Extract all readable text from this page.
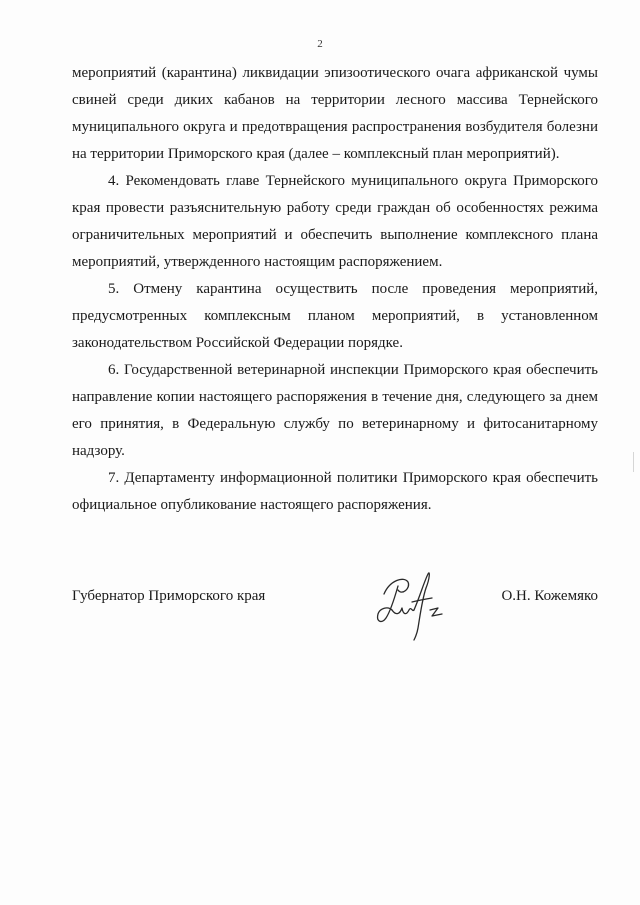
2

мероприятий (карантина) ликвидации эпизоотического очага африканской чумы свиней среди диких кабанов на территории лесного массива Тернейского муниципального округа и предотвращения распространения возбудителя болезни на территории Приморского края (далее – комплексный план мероприятий).

4. Рекомендовать главе Тернейского муниципального округа Приморского края провести разъяснительную работу среди граждан об особенностях режима ограничительных мероприятий и обеспечить выполнение комплексного плана мероприятий, утвержденного настоящим распоряжением.

5. Отмену карантина осуществить после проведения мероприятий, предусмотренных комплексным планом мероприятий, в установленном законодательством Российской Федерации порядке.

6. Государственной ветеринарной инспекции Приморского края обеспечить направление копии настоящего распоряжения в течение дня, следующего за днем его принятия, в Федеральную службу по ветеринарному и фитосанитарному надзору.

7. Департаменту информационной политики Приморского края обеспечить официальное опубликование настоящего распоряжения.

Губернатор Приморского края	О.Н. Кожемяко
